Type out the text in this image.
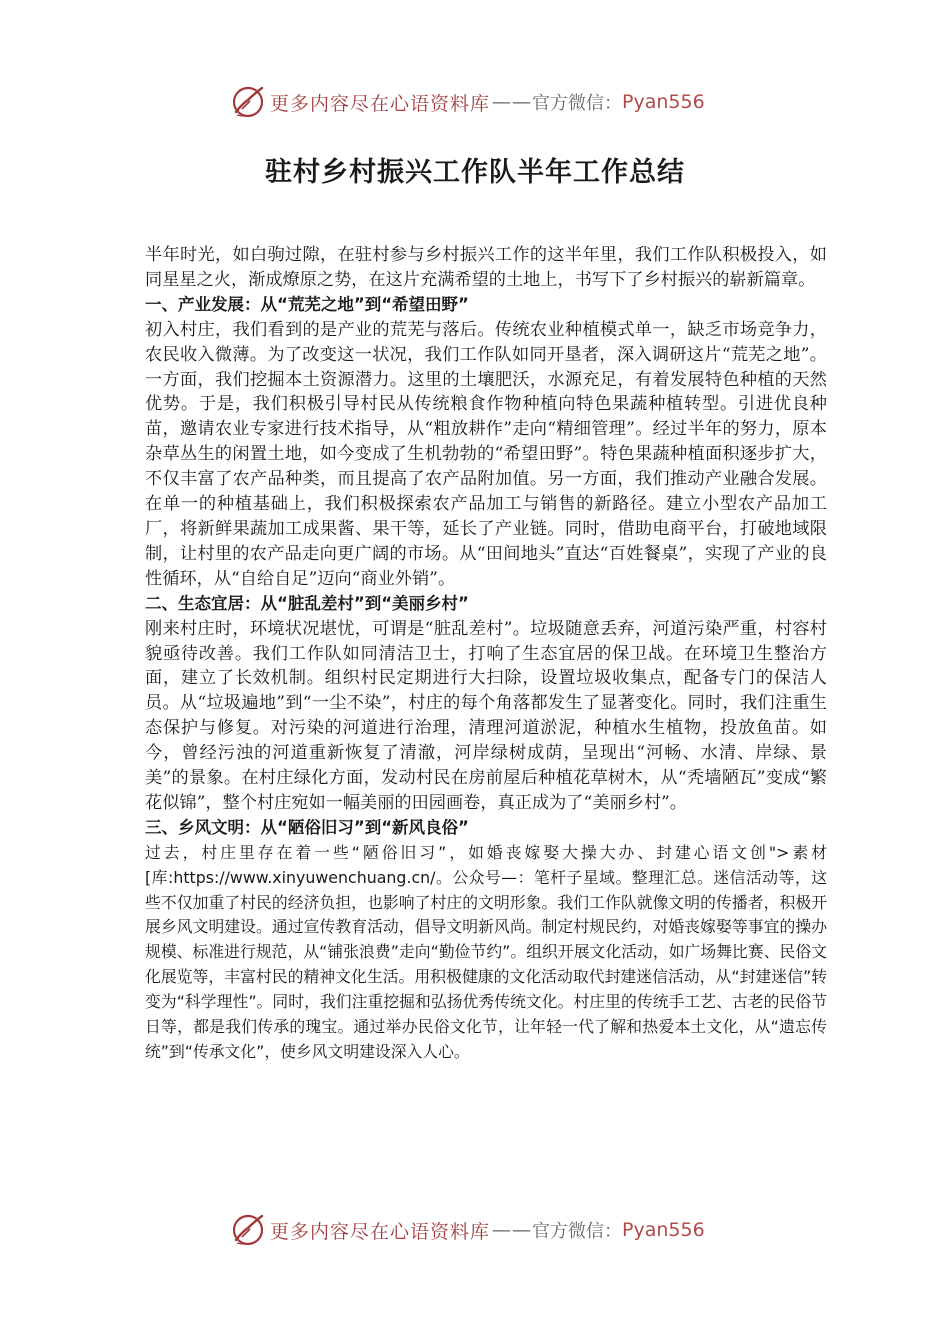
更多内容尽在心语资料库 —— 官方微信： Pyan556
驻村乡村振兴工作队半年工作总结

半年时光，如白驹过隙，在驻村参与乡村振兴工作的这半年里，我们工作队积极投入，如同星星之火，渐成燎原之势，在这片充满希望的土地上，书写下了乡村振兴的崭新篇章。

一、产业发展：从“荒芜之地”到“希望田野”

初入村庄，我们看到的是产业的荒芜与落后。传统农业种植模式单一，缺乏市场竞争力，农民收入微薄。为了改变这一状况，我们工作队如同开垦者，深入调研这片“荒芜之地”。一方面，我们挖掘本土资源潜力。这里的土壤肥沃，水源充足，有着发展特色种植的天然优势。于是，我们积极引导村民从传统粮食作物种植向特色果蔬种植转型。引进优良种苗，邀请农业专家进行技术指导，从“粗放耕作”走向“精细管理”。经过半年的努力，原本杂草丛生的闲置土地，如今变成了生机勃勃的“希望田野”。特色果蔬种植面积逐步扩大，不仅丰富了农产品种类，而且提高了农产品附加值。另一方面，我们推动产业融合发展。在单一的种植基础上，我们积极探索农产品加工与销售的新路径。建立小型农产品加工厂，将新鲜果蔬加工成果酱、果干等，延长了产业链。同时，借助电商平台，打破地域限制，让村里的农产品走向更广阔的市场。从“田间地头”直达“百姓餐桌”，实现了产业的良性循环，从“自给自足”迈向“商业外销”。

二、生态宜居：从“脏乱差村”到“美丽乡村”

刚来村庄时，环境状况堪忧，可谓是“脏乱差村”。垃圾随意丢弃，河道污染严重，村容村貌亟待改善。我们工作队如同清洁卫士，打响了生态宜居的保卫战。在环境卫生整治方面，建立了长效机制。组织村民定期进行大扫除，设置垃圾收集点，配备专门的保洁人员。从“垃圾遍地”到“一尘不染”，村庄的每个角落都发生了显著变化。同时，我们注重生态保护与修复。对污染的河道进行治理，清理河道淤泥，种植水生植物，投放鱼苗。如今，曾经污浊的河道重新恢复了清澈，河岸绿树成荫，呈现出“河畅、水清、岸绿、景美”的景象。在村庄绿化方面，发动村民在房前屋后种植花草树木，从“秃墙陋瓦”变成“繁花似锦”，整个村庄宛如一幅美丽的田园画卷，真正成为了“美丽乡村”。

三、乡风文明：从“陋俗旧习”到“新风良俗”

过去，村庄里存在着一些“陋俗旧习”，如婚丧嫁娶大操大办、封建心语文创">素材[库:https://www.xinyuwenchuang.cn/。公众号—：笔杆子星域。整理汇总。迷信活动等，这些不仅加重了村民的经济负担，也影响了村庄的文明形象。我们工作队就像文明的传播者，积极开展乡风文明建设。通过宣传教育活动，倡导文明新风尚。制定村规民约，对婚丧嫁娶等事宜的操办规模、标准进行规范，从“铺张浪费”走向“勤俭节约”。组织开展文化活动，如广场舞比赛、民俗文化展览等，丰富村民的精神文化生活。用积极健康的文化活动取代封建迷信活动，从“封建迷信”转变为“科学理性”。同时，我们注重挖掘和弘扬优秀传统文化。村庄里的传统手工艺、古老的民俗节日等，都是我们传承的瑰宝。通过举办民俗文化节，让年轻一代了解和热爱本土文化，从“遗忘传统”到“传承文化”，使乡风文明建设深入人心。

更多内容尽在心语资料库 —— 官方微信： Pyan556
